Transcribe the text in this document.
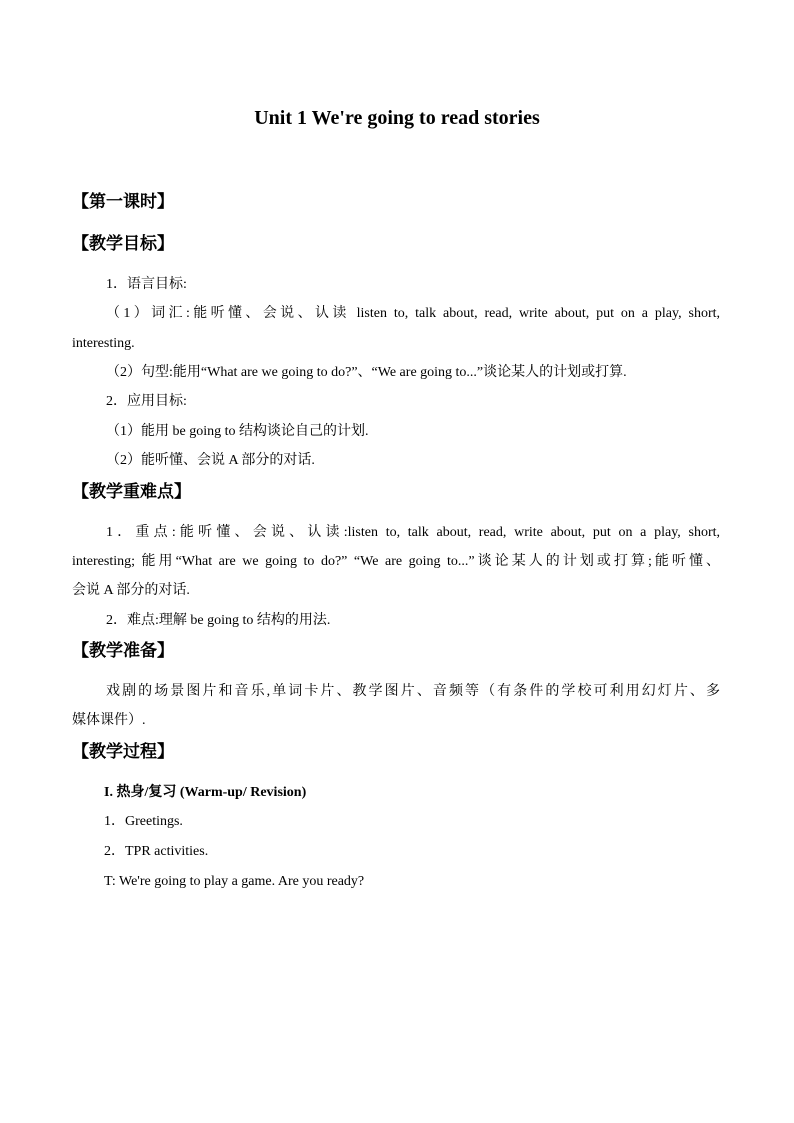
Unit 1 We're going to read stories
【第一课时】
【教学目标】
1．语言目标:
（1）词汇:能听懂、会说、认读 listen to, talk about, read, write about, put on a play, short,
interesting.
（2）句型:能用“What are we going to do?”、“We are going to...”谈论某人的计划或打算.
2．应用目标:
（1）能用 be going to 结构谈论自己的计划.
（2）能听懂、会说 A 部分的对话.
【教学重难点】
1．重点:能听懂、会说、认读:listen to, talk about, read, write about, put on a play, short,
interesting; 能用“What are we going to do?” “We are going to...”谈论某人的计划或打算;能听懂、
会说 A 部分的对话.
2．难点:理解 be going to 结构的用法.
【教学准备】
戏剧的场景图片和音乐,单词卡片、教学图片、音频等（有条件的学校可利用幻灯片、多
媒体课件）.
【教学过程】
I. 热身/复习 (Warm-up/ Revision)
1．Greetings.
2．TPR activities.
T: We're going to play a game. Are you ready?
